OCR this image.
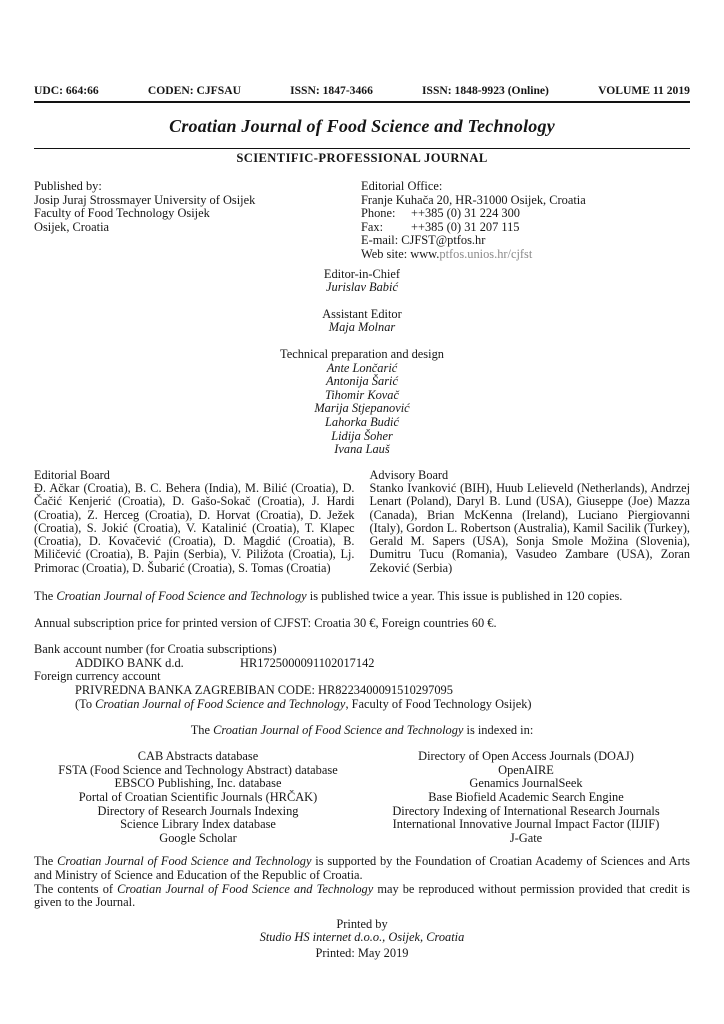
UDC: 664:66	CODEN: CJFSAU	ISSN: 1847-3466	ISSN: 1848-9923 (Online)	VOLUME 11 2019
Croatian Journal of Food Science and Technology
SCIENTIFIC-PROFESSIONAL JOURNAL
Published by:
Josip Juraj Strossmayer University of Osijek
Faculty of Food Technology Osijek
Osijek, Croatia
Editorial Office:
Franje Kuhača 20, HR-31000 Osijek, Croatia
Phone: ++385 (0) 31 224 300
Fax: ++385 (0) 31 207 115
E-mail: CJFST@ptfos.hr
Web site: www.ptfos.unios.hr/cjfst
Editor-in-Chief
Jurislav Babić
Assistant Editor
Maja Molnar
Technical preparation and design
Ante Lončarić
Antonija Šarić
Tihomir Kovač
Marija Stjepanović
Lahorka Budić
Lidija Šoher
Ivana Lauš
Editorial Board
Đ. Ačkar (Croatia), B. C. Behera (India), M. Bilić (Croatia), D. Čačić Kenjerić (Croatia), D. Gašo-Sokač (Croatia), J. Hardi (Croatia), Z. Herceg (Croatia), D. Horvat (Croatia), D. Ježek (Croatia), S. Jokić (Croatia), V. Katalinić (Croatia), T. Klapec (Croatia), D. Kovačević (Croatia), D. Magdić (Croatia), B. Miličević (Croatia), B. Pajin (Serbia), V. Piližota (Croatia), Lj. Primorac (Croatia), D. Šubarić (Croatia), S. Tomas (Croatia)
Advisory Board
Stanko Ivanković (BIH), Huub Lelieveld (Netherlands), Andrzej Lenart (Poland), Daryl B. Lund (USA), Giuseppe (Joe) Mazza (Canada), Brian McKenna (Ireland), Luciano Piergiovanni (Italy), Gordon L. Robertson (Australia), Kamil Sacilik (Turkey), Gerald M. Sapers (USA), Sonja Smole Možina (Slovenia), Dumitru Tucu (Romania), Vasudeo Zambare (USA), Zoran Zeković (Serbia)

The Croatian Journal of Food Science and Technology is published twice a year. This issue is published in 120 copies.

Annual subscription price for printed version of CJFST: Croatia 30 €, Foreign countries 60 €.

Bank account number (for Croatia subscriptions)
ADDIKO BANK d.d.	HR1725000091102017142
Foreign currency account
PRIVREDNA BANKA ZAGREBIBAN CODE: HR8223400091510297095
(To Croatian Journal of Food Science and Technology, Faculty of Food Technology Osijek)

The Croatian Journal of Food Science and Technology is indexed in:

CAB Abstracts database
FSTA (Food Science and Technology Abstract) database
EBSCO Publishing, Inc. database
Portal of Croatian Scientific Journals (HRČAK)
Directory of Research Journals Indexing
Science Library Index database
Google Scholar
Directory of Open Access Journals (DOAJ)
OpenAIRE
Genamics JournalSeek
Base Biofield Academic Search Engine
Directory Indexing of International Research Journals
International Innovative Journal Impact Factor (IIJIF)
J-Gate
The Croatian Journal of Food Science and Technology is supported by the Foundation of Croatian Academy of Sciences and Arts and Ministry of Science and Education of the Republic of Croatia.
The contents of Croatian Journal of Food Science and Technology may be reproduced without permission provided that credit is given to the Journal.
Printed by
Studio HS internet d.o.o., Osijek, Croatia
Printed: May 2019
